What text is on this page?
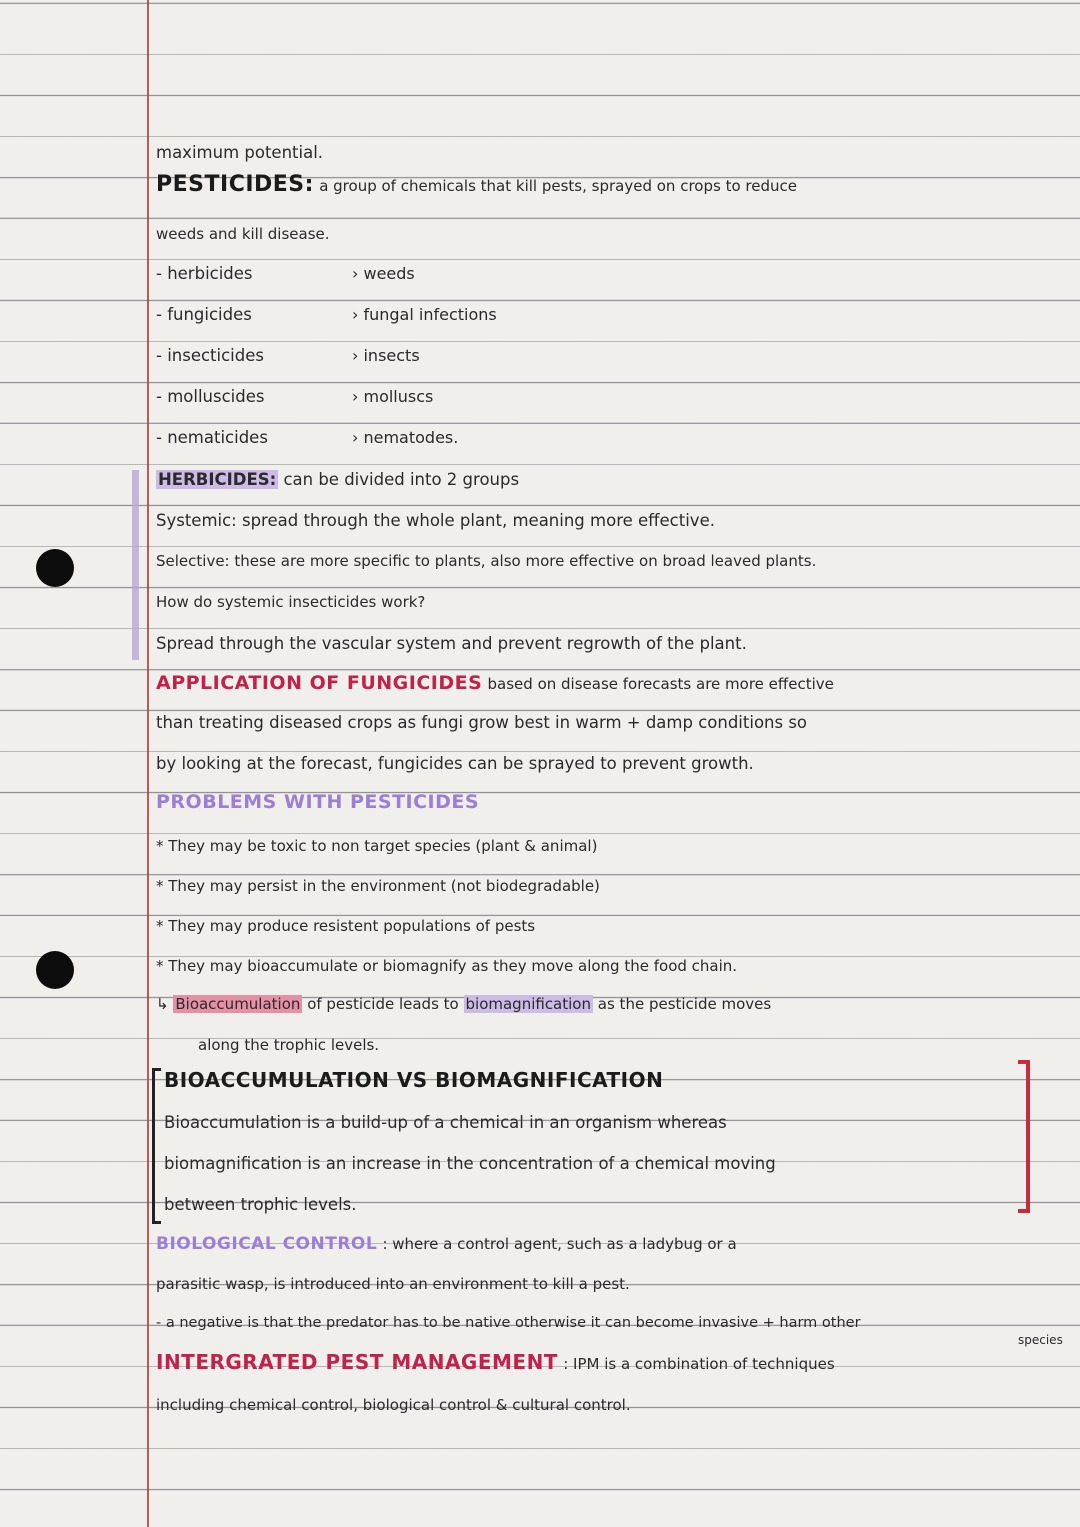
maximum potential.
PESTICIDES: a group of chemicals that kill pests, sprayed on crops to reduce
weeds and kill disease.
- herbicides	› weeds
- fungicides	› fungal infections
- insecticides	› insects
- molluscides	› molluscs
- nematicides	› nematodes.
HERBICIDES: can be divided into 2 groups
Systemic: spread through the whole plant, meaning more effective.
Selective: these are more specific to plants, also more effective on broad leaved plants.
How do systemic insecticides work?
Spread through the vascular system and prevent regrowth of the plant.
APPLICATION OF FUNGICIDES based on disease forecasts are more effective
than treating diseased crops as fungi grow best in warm + damp conditions so
by looking at the forecast, fungicides can be sprayed to prevent growth.
PROBLEMS WITH PESTICIDES
* They may be toxic to non target species (plant & animal)
* They may persist in the environment (not biodegradable)
* They may produce resistent populations of pests
* They may bioaccumulate or biomagnify as they move along the food chain.
↳ Bioaccumulation of pesticide leads to biomagnification as the pesticide moves
along the trophic levels.
BIOACCUMULATION VS BIOMAGNIFICATION
Bioaccumulation is a build-up of a chemical in an organism whereas
biomagnification is an increase in the concentration of a chemical moving
between trophic levels.
BIOLOGICAL CONTROL : where a control agent, such as a ladybug or a
parasitic wasp, is introduced into an environment to kill a pest.
- a negative is that the predator has to be native otherwise it can become invasive + harm other
species
INTERGRATED PEST MANAGEMENT : IPM is a combination of techniques
including chemical control, biological control & cultural control.
